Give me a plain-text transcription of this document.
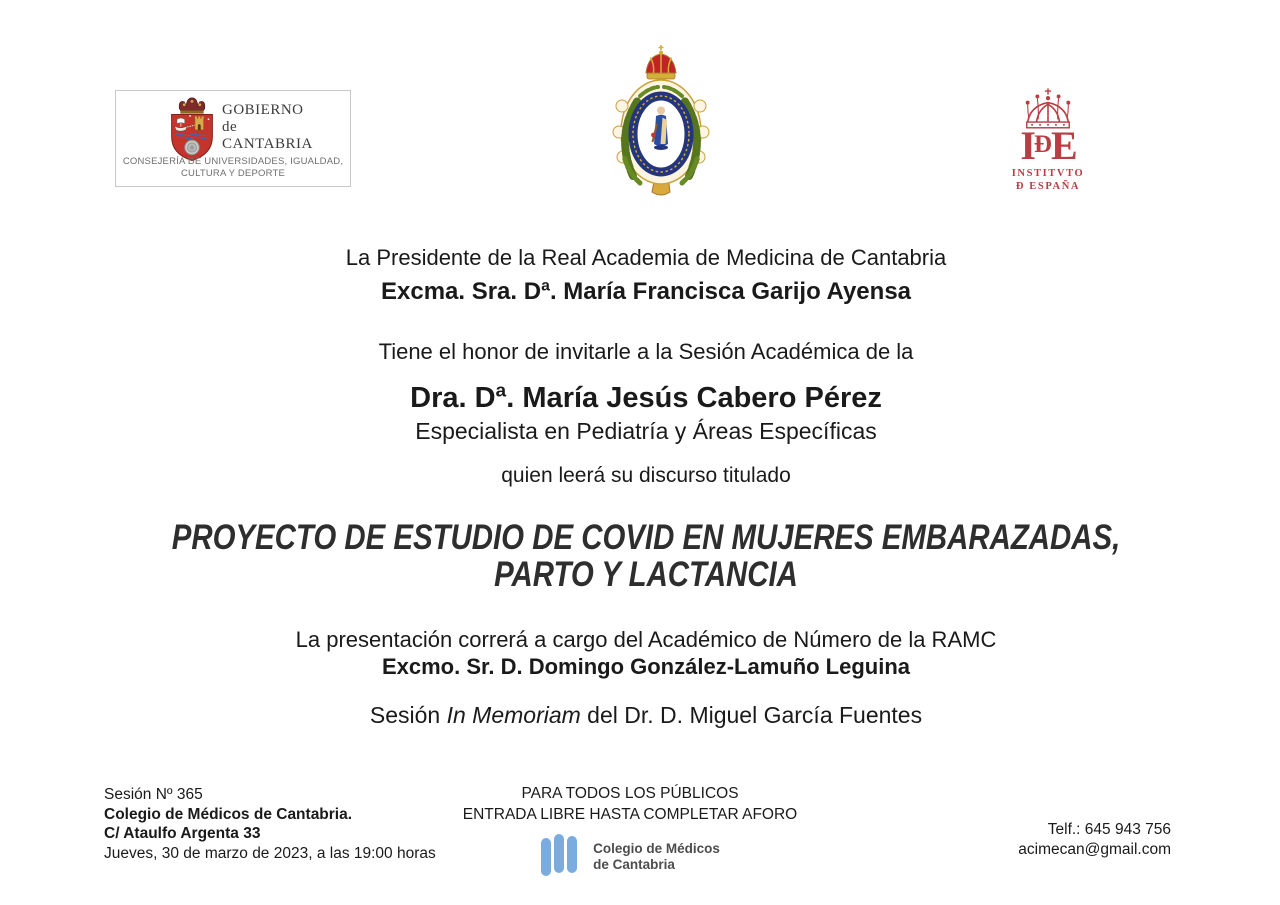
GOBIERNO
de
CANTABRIA
CONSEJERÍA DE UNIVERSIDADES, IGUALDAD,
CULTURA Y DEPORTE
IĐE
INSTITVTO
Đ ESPAÑA

La Presidente de la Real Academia de Medicina de Cantabria

Excma. Sra. Dª. María Francisca Garijo Ayensa

Tiene el honor de invitarle a la Sesión Académica de la

Dra. Dª. María Jesús Cabero Pérez

Especialista en Pediatría y Áreas Específicas

quien leerá su discurso titulado

PROYECTO DE ESTUDIO DE COVID EN MUJERES EMBARAZADAS,
PARTO Y LACTANCIA

La presentación correrá a cargo del Académico de Número de la RAMC

Excmo. Sr. D. Domingo González-Lamuño Leguina

Sesión In Memoriam del Dr. D. Miguel García Fuentes

Sesión Nº 365
Colegio de Médicos de Cantabria.
C/ Ataulfo Argenta 33
Jueves, 30 de marzo de 2023, a las 19:00 horas
PARA TODOS LOS PÚBLICOS
ENTRADA LIBRE HASTA COMPLETAR AFORO
Colegio de Médicos
de Cantabria
Telf.: 645 943 756
acimecan@gmail.com
